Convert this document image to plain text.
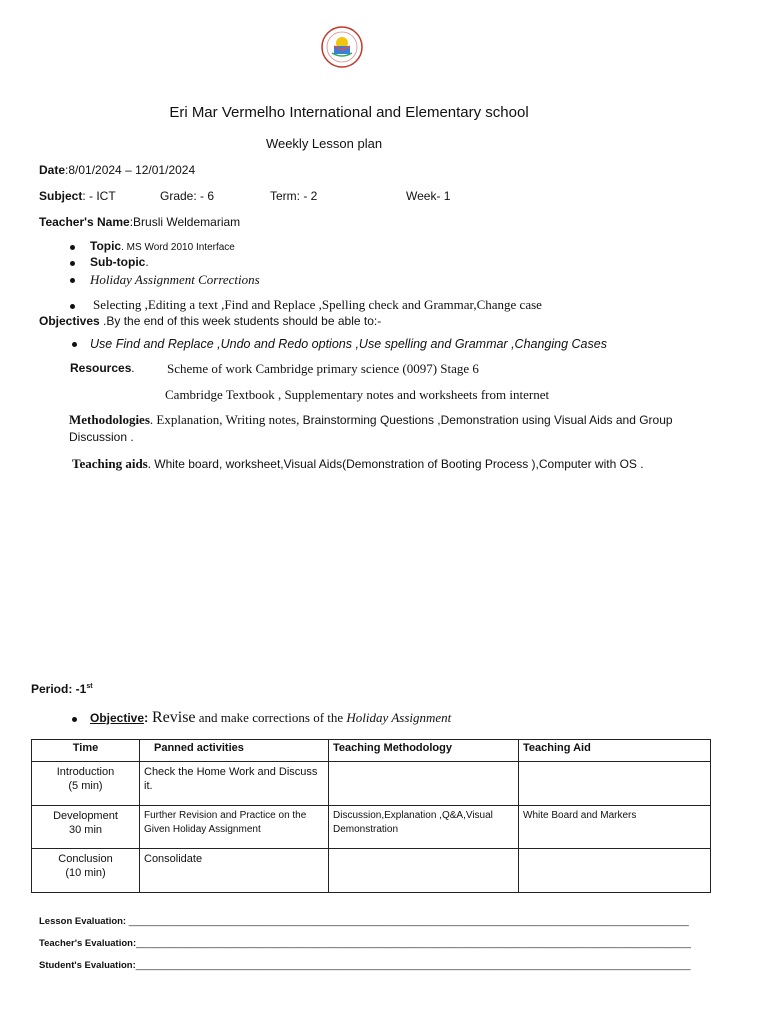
Eri Mar Vermelho International and Elementary school
Weekly Lesson plan
Date:8/01/2024 – 12/01/2024
Subject: - ICT	Grade: - 6	Term: - 2	Week- 1
Teacher's Name:Brusli Weldemariam
Topic. MS Word 2010 Interface
Sub-topic.
Holiday Assignment Corrections
Selecting ,Editing a text ,Find and Replace ,Spelling check and Grammar,Change case
Objectives .By the end of this week students should be able to:-
Use Find and Replace ,Undo and Redo options ,Use spelling and Grammar ,Changing Cases
Resources.	Scheme of work Cambridge primary science (0097) Stage 6
Cambridge Textbook , Supplementary notes and worksheets from internet
Methodologies. Explanation, Writing notes, Brainstorming Questions ,Demonstration using Visual Aids and Group
Discussion .
Teaching aids. White board, worksheet,Visual Aids(Demonstration of Booting Process ),Computer with OS .
Period: -1st
Objective: Revise and make corrections of the Holiday Assignment
Time	Panned activities	Teaching Methodology	Teaching Aid

Introduction
(5 min)	Check the Home Work and Discuss it.		

Development
30 min	Further Revision and Practice on the Given Holiday Assignment	Discussion,Explanation ,Q&A,Visual Demonstration	White Board and Markers

Conclusion
(10 min)	Consolidate		
Lesson Evaluation: __________________________________________________________________________________________________________
Teacher's Evaluation:_________________________________________________________________________________________________________
Student's Evaluation:_________________________________________________________________________________________________________
